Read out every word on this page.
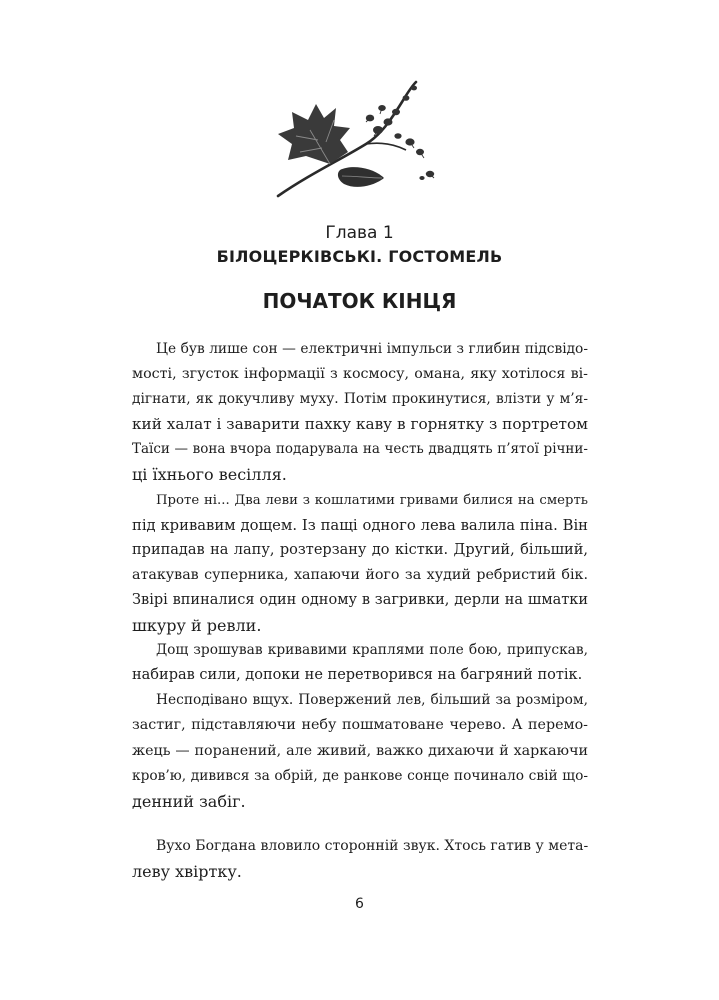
Глава 1
БІЛОЦЕРКІВСЬКІ. ГОСТОМЕЛЬ
ПОЧАТОК КІНЦЯ

Це був лише сон — електричні імпульси з глибин підсвідо-
мості, згусток інформації з космосу, омана, яку хотілося ві-
дігнати, як докучливу муху. Потім прокинутися, влізти у м’я-
кий халат і заварити пахку каву в горнятку з портретом
Таїси — вона вчора подарувала на честь двадцять п’ятої річни-
ці їхнього весілля.

Проте ні... Два леви з кошлатими гривами билися на смерть
під кривавим дощем. Із пащі одного лева валила піна. Він
припадав на лапу, розтерзану до кістки. Другий, більший,
атакував суперника, хапаючи його за худий ребристий бік.
Звірі впиналися один одному в загривки, дерли на шматки
шкуру й ревли.

Дощ зрошував кривавими краплями поле бою, припускав,
набирав сили, допоки не перетворився на багряний потік.

Несподівано вщух. Повержений лев, більший за розміром,
застиг, підставляючи небу пошматоване черево. А перемо-
жець — поранений, але живий, важко дихаючи й харкаючи
кров’ю, дивився за обрій, де ранкове сонце починало свій що-
денний забіг.

Вухо Богдана вловило сторонній звук. Хтось гатив у мета-
леву хвіртку.

6
